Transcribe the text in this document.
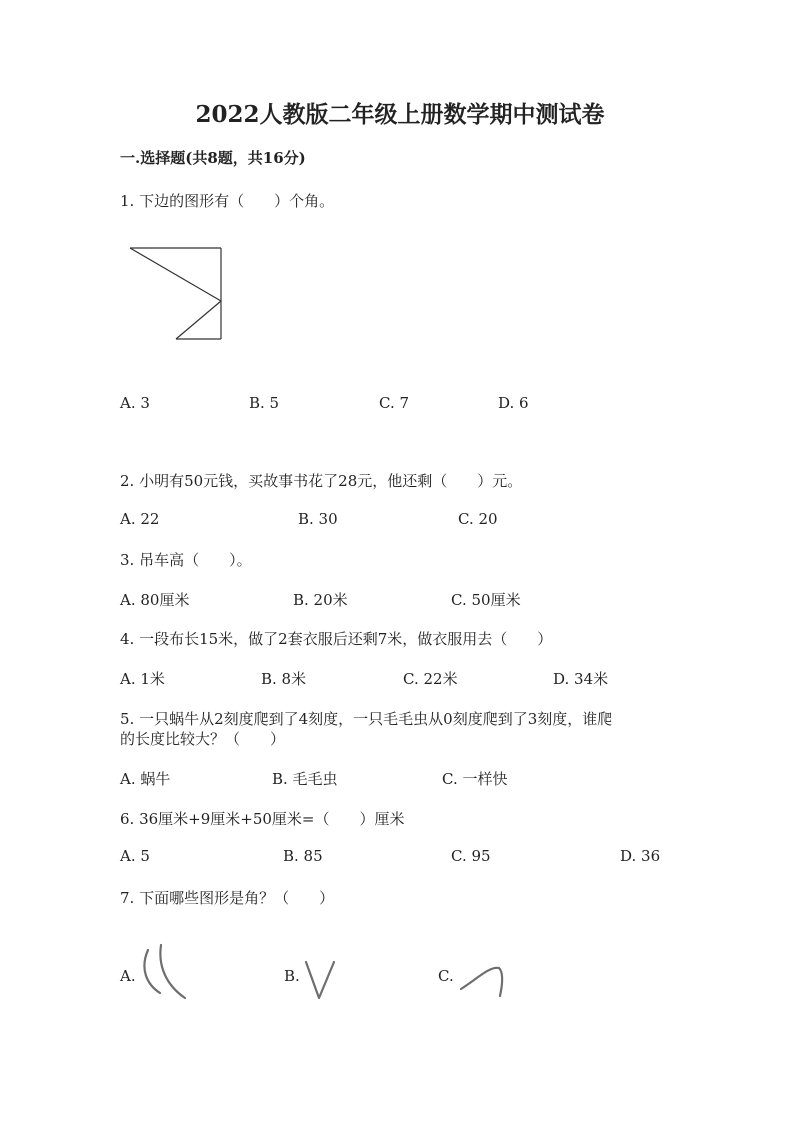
2022人教版二年级上册数学期中测试卷
一.选择题(共8题，共16分)
1. 下边的图形有（　　）个角。
A. 3	B. 5	C. 7	D. 6
2. 小明有50元钱，买故事书花了28元，他还剩（　　）元。
A. 22	B. 30	C. 20
3. 吊车高（　　）。
A. 80厘米	B. 20米	C. 50厘米
4. 一段布长15米，做了2套衣服后还剩7米，做衣服用去（　　）
A. 1米	B. 8米	C. 22米	D. 34米
5. 一只蜗牛从2刻度爬到了4刻度，一只毛毛虫从0刻度爬到了3刻度，谁爬
的长度比较大？（　　）
A. 蜗牛	B. 毛毛虫	C. 一样快
6. 36厘米+9厘米+50厘米=（　　）厘米
A. 5	B. 85	C. 95	D. 36
7. 下面哪些图形是角？（　　）
A.	B.	C.
